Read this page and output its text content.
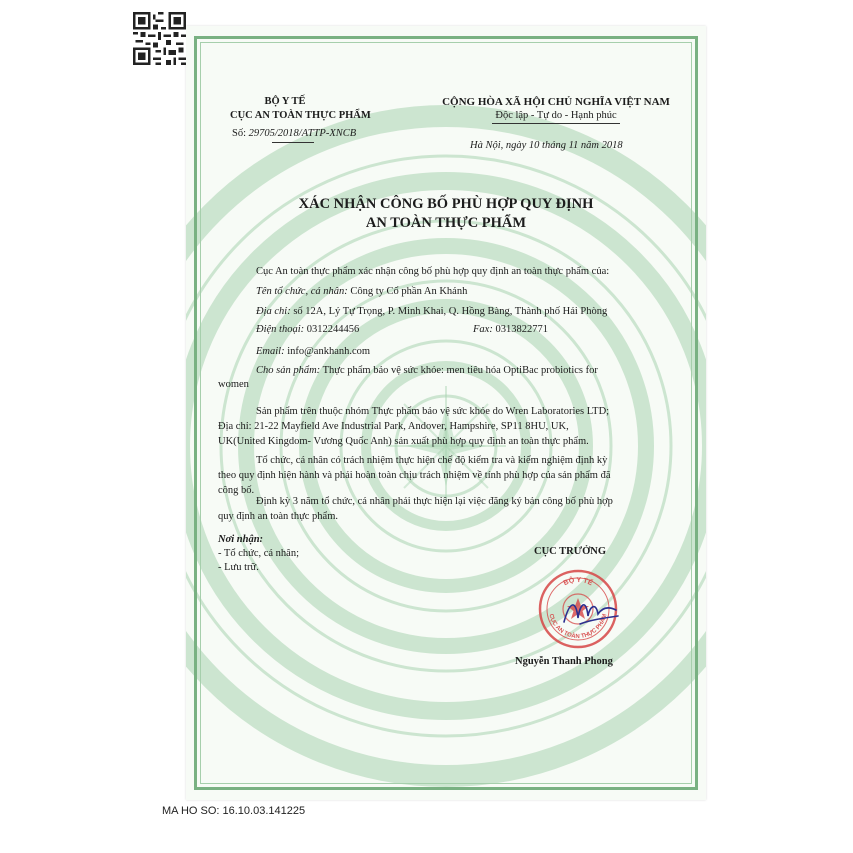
BỘ Y TẾ
CỤC AN TOÀN THỰC PHẨM
Số: 29705/2018/ATTP-XNCB
CỘNG HÒA XÃ HỘI CHỦ NGHĨA VIỆT NAM
Độc lập - Tự do - Hạnh phúc
Hà Nội, ngày 10 tháng 11 năm 2018
XÁC NHẬN CÔNG BỐ PHÙ HỢP QUY ĐỊNH
AN TOÀN THỰC PHẨM
Cục An toàn thực phẩm xác nhận công bố phù hợp quy định an toàn thực phẩm của:
Tên tổ chức, cá nhân: Công ty Cổ phần An Khánh
Địa chỉ: số 12A, Lý Tự Trọng, P. Minh Khai, Q. Hồng Bàng, Thành phố Hải Phòng
Điện thoại: 0312244456	Fax: 0313822771
Email: info@ankhanh.com
Cho sản phẩm: Thực phẩm bảo vệ sức khỏe: men tiêu hóa OptiBac probiotics for
women
Sản phẩm trên thuộc nhóm Thực phẩm bảo vệ sức khỏe do Wren Laboratories LTD;
Địa chỉ: 21-22 Mayfield Ave Industrial Park, Andover, Hampshire, SP11 8HU, UK,
UK(United Kingdom- Vương Quốc Anh) sản xuất phù hợp quy định an toàn thực phẩm.
Tổ chức, cá nhân có trách nhiệm thực hiện chế độ kiểm tra và kiểm nghiệm định kỳ
theo quy định hiện hành và phải hoàn toàn chịu trách nhiệm về tính phù hợp của sản phẩm đã
công bố.
Định kỳ 3 năm tổ chức, cá nhân phải thực hiện lại việc đăng ký bản công bố phù hợp
quy định an toàn thực phẩm.
Nơi nhận:
- Tổ chức, cá nhân;
- Lưu trữ.
CỤC TRƯỞNG
BỘ Y TẾ
CỤC AN TOÀN THỰC PHẨM
Nguyễn Thanh Phong
MA HO SO: 16.10.03.141225
